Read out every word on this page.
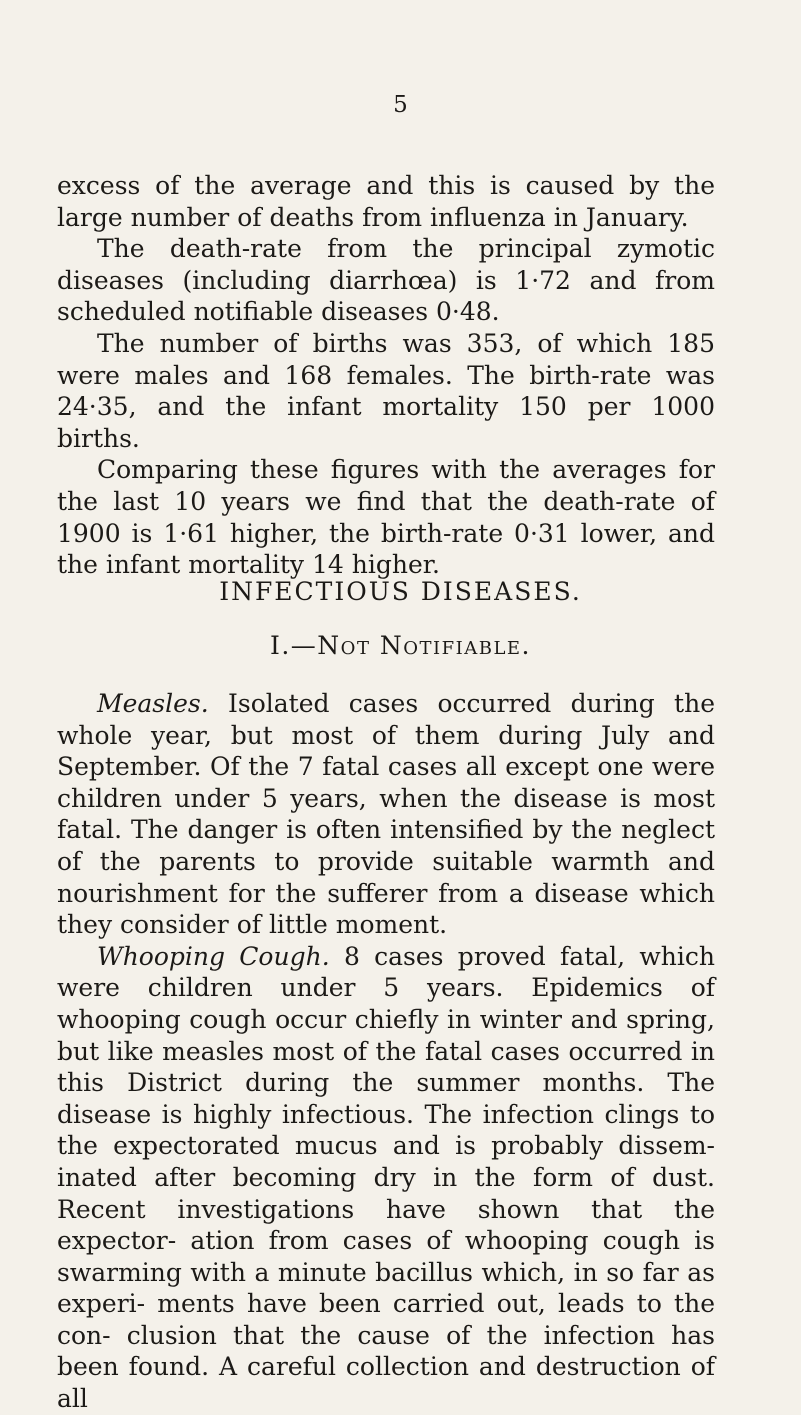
5

excess of the average and this is caused by the large number of deaths from influenza in January.

The death-rate from the principal zymotic diseases (including diarrhœa) is 1·72 and from scheduled notifiable diseases 0·48.

The number of births was 353, of which 185 were males and 168 females. The birth-rate was 24·35, and the infant mortality 150 per 1000 births.

Comparing these figures with the averages for the last 10 years we find that the death-rate of 1900 is 1·61 higher, the birth-rate 0·31 lower, and the infant mortality 14 higher.

INFECTIOUS DISEASES.
I.—Not Notifiable.

Measles. Isolated cases occurred during the whole year, but most of them during July and September. Of the 7 fatal cases all except one were children under 5 years, when the disease is most fatal. The danger is often intensified by the neglect of the parents to provide suitable warmth and nourishment for the sufferer from a disease which they consider of little moment.

Whooping Cough. 8 cases proved fatal, which were children under 5 years. Epidemics of whooping cough occur chiefly in winter and spring, but like measles most of the fatal cases occurred in this District during the summer months. The disease is highly infectious. The infection clings to the expectorated mucus and is probably dissem- inated after becoming dry in the form of dust. Recent investigations have shown that the expector- ation from cases of whooping cough is swarming with a minute bacillus which, in so far as experi- ments have been carried out, leads to the con- clusion that the cause of the infection has been found. A careful collection and destruction of all
